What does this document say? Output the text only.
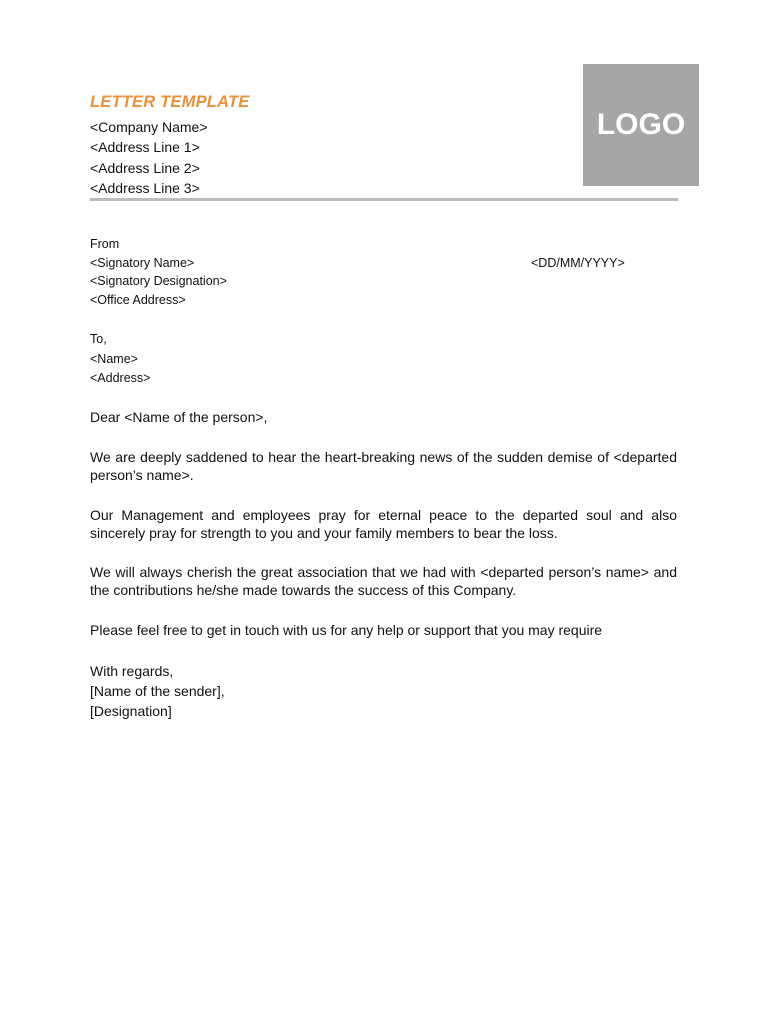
LETTER TEMPLATE
<Company Name>
<Address Line 1>
<Address Line 2>
<Address Line 3>
LOGO
From
<Signatory Name>
<Signatory Designation>
<Office Address>
<DD/MM/YYYY>
To,
<Name>
<Address>
Dear <Name of the person>,
We are deeply saddened to hear the heart-breaking news of the sudden demise of <departed person’s name>.
Our Management and employees pray for eternal peace to the departed soul and also sincerely pray for strength to you and your family members to bear the loss.
We will always cherish the great association that we had with <departed person’s name> and the contributions he/she made towards the success of this Company.
Please feel free to get in touch with us for any help or support that you may require
With regards,
[Name of the sender],
[Designation]
